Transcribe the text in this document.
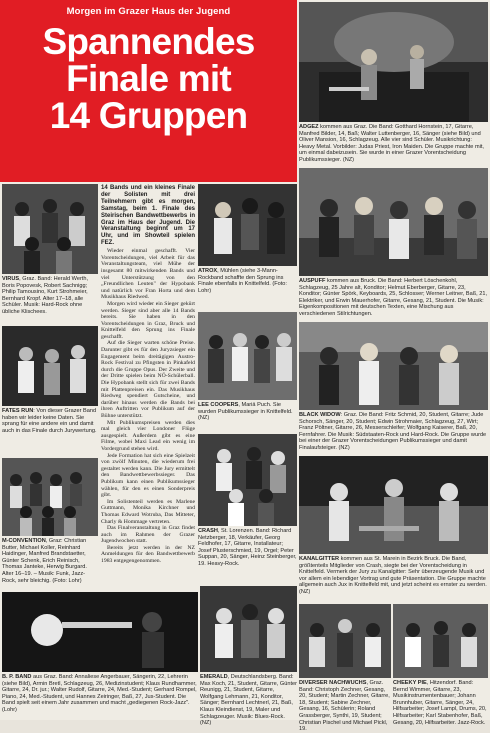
Morgen im Grazer Haus der Jugend
Spannendes
Finale mit
14 Gruppen	ADGEZ kommen aus Graz. Die Band: Gotthard Hornstein, 17, Gitarre, Manfred Bilder, 14, Baß; Walter Luttenberger, 16, Sänger (siehe Bild) und Oliver Mansion, 16, Schlagzeug. Alle vier sind Schüler. Musikrichtung: Heavy Metal. Vorbilder: Judas Priest, Iron Maiden. Die Gruppe machte mit, um einmal dabeizusein. Sie wurde in einer Grazer Vorentscheidung Publikumssieger. (NZ)
AUSPUFF kommen aus Bruck. Die Band: Herbert Löschenkohl, Schlagzeug, 25 Jahre alt, Konditor; Helmut Eberberger, Gitarre, 23, Konditor; Günter Spörk, Keyboards, 25, Schlosser; Werner Leitner, Baß, 21, Elektriker, und Erwin Mauerhofer, Gitarre, Gesang, 21, Student. Die Musik: Eigenkompositionen mit deutschen Texten, eine Mischung aus verschiedenen Stilrichtungen.
VIRUS, Graz. Band: Herald Werth, Boris Popovesk, Robert Sachnigg; Philip Tamousino, Kurt Strohmeier, Bernhard Kropf. Alter 17–18, alle Schüler. Musik: Hard-Rock ohne übliche Klischees.
FATES RUN: Von dieser Grazer Band haben wir leider keine Daten. Sie sprang für eine andere ein und damit auch in das Finale durch Jurywertung.
M-CONVENTION, Graz: Christian Butter, Michael Koller, Reinhard Haidinger, Manfred Brandstaetter, Günter Schenk, Erich Reinisch, Thomas Janteke, Herwig Burgard. Alter 16–19. – Musik: Funk, Jazz-Rock, sehr bleichig. (Foto: Lohr)
14 Bands und ein kleines Finale der Solisten mit drei Teilnehmern gibt es morgen, Samstag, beim 1. Finale des Steirischen Bandwettbewerbs in Graz im Haus der Jugend. Die Veranstaltung beginnt um 17 Uhr, und im Showteil spielen FEZ.
Wieder einmal geschafft. Vier Vorentscheidungen, viel Arbeit für das Veranstaltungsteam, viel Mühe der insgesamt 80 mitwirkenden Bands und viel Unterstützung von den „Freundlichen Leuten" der Hypobank und natürlich vor Fran Horta und dem Musikhaus Riedwed.
Morgen wird wieder ein Sieger gekürt werden. Sieger sind aber alle 14 Bands bereits. Sie haben in den Vorentscheidungen in Graz, Bruck und Knittelfeld den Sprung ins Finale geschafft.
Auf die Sieger warten schöne Preise. Darunter gibt es für den Juryzsieger ein Engagement beim dreitägigen Austro-Rock Festival zu Pfingsten in Pinkafeld durch die Gruppe Opus. Der Zweite und der Dritte spielen beim NÖ-Schülerball. Die Hypobank stellt sich für zwei Bands mit Plattenpreisen ein. Das Musikhaus Riedweg spendiert Gutscheine, und darüber hinaus werden die Bands bei ihren Auftritten vor Publikum auf der Bühne unterstützt.
Mit Publikumspreisen werden dies mal gleich vier Londoner Flüge ausgespielt. Außerdem gibt es eine Filme, wobei Maxi Lead ein wenig im Vordergrund stehen wird.
Jede Formation hat sich eine Spielzeit von zwölf Minuten, die wiederum frei gestaltet werden kann. Die Jury ermittelt den Bandwettbewerbssieger. Das Publikum kann einen Publikumssieger wählen, für den es einen Sonderpreis gibt.
Im Solistenteil werden es Marlene Guttmann, Monika Kirchner und Thomas Edward Wotruba, Das Mitteter, Charly & Hommage vertreten.
Das Finalveranstaltung in Graz findet auch im Rahmen der Grazer Jugendwochen statt.
Bereits jetzt werden in der NZ Anmeldungen für den Bandwettbewerb 1983 entgegengenommen.
ATROX, Mühlen (siehe 3-Mann-Rockband schaffte den Sprung ins Finale ebenfalls in Knittelfeld. (Foto: Lohr)
LEE COOPERS, Mariä Puch. Sie wurden Publikumssieger in Knittelfeld. (NZ)
CRASH, St. Lorenzen. Band: Richard Netzberger, 18, Verkäufer, Georg Feldhofer, 17, Gitarre, Installateur; Josef Plusterschmied, 19, Orgel; Peter Suppan, 20, Sänger, Heinz Steinberger, 19. Heavy-Rock.
BLACK WIDOW: Graz. Die Band: Fritz Schmid, 20, Student, Gitarre; Jude Schorsch, Sänger, 20, Student; Edwin Strohmaier, Schlagzeug, 27, Wirt; Franz Pöltner, Gitarre, 26, Messerschleifer; Wolfgang Kaiserer, Baß, 20, Fernfahrer. Die Musik: Südstaaten-Rock und Hard-Rock. Die Gruppe wurde bei einer der Grazer Vorentscheidungen Publikumssieger und damit Finalaufsteiger. (NZ)
KANALGITTER kommen aus St. Marein in Bezirk Bruck. Die Band, größtenteils Mitglieder von Crash, siegte bei der Vorentscheidung in Knittelfeld. Vermerk der Jury zu Kanalgitter: Sehr überzeugende Musik und vor allem ein lebendiger Vortrag und gute Präsentation. Die Gruppe machte allgemein auch Jux in Knittelfeld mit, und jetzt scheint es ernster zu werden. (NZ)
B. P. BAND aus Graz. Band: Annaliese Angerbauer, Sängerin, 22, Lehrerin (siehe Bild), Armin Bretl, Schlagzeug, 26, Medizinstudent; Klaus Rundhammer, Gitarre, 24, Dr. jur.; Walter Rudolf, Gitarre, 24, Med.-Student; Gerhard Rompel, Piano, 24, Med.-Student, und Hannes Zeiringer, Baß, 27, Jus-Student. Die Band spielt seit einem Jahr zusammen und macht „gediegenen Rock-Jazz". (Lohr)
EMERALD, Deutschlandsberg. Band: Max Koch, 21, Student, Gitarre, Günter Reunigg, 21, Student, Gitarre, Wolfgang Lehmann, 21, Konditor, Sänger; Bernhard Lechtnerl, 21, Baß, Klaus Kleindienst, 19, Maler und Schlagzeuger. Musik: Blues-Rock. (NZ)
DIVERSER NACHWUCHS, Graz. Band: Christoph Zechner, Gesang, 20, Student; Martin Zechner, Gitarre, 18, Student; Sabine Zechner, Gesang, 16, Schülerin; Roland Grassberger, Synthi, 19, Student; Christian Pischel und Michael Pickl, 19.
CHEEKY PIE, Hitzendorf. Band: Bernd Wimmer, Gitarre, 23, Musikinstrumentenbauer; Johann Brunnhuber, Gitarre, Sänger, 24, Hilfsarbeiter; Josef Lampl, Drums, 20, Hilfsarbeiter; Karl Stabenhofer, Baß, Gesang, 20, Hilfsarbeiter. Jazz-Rock.
